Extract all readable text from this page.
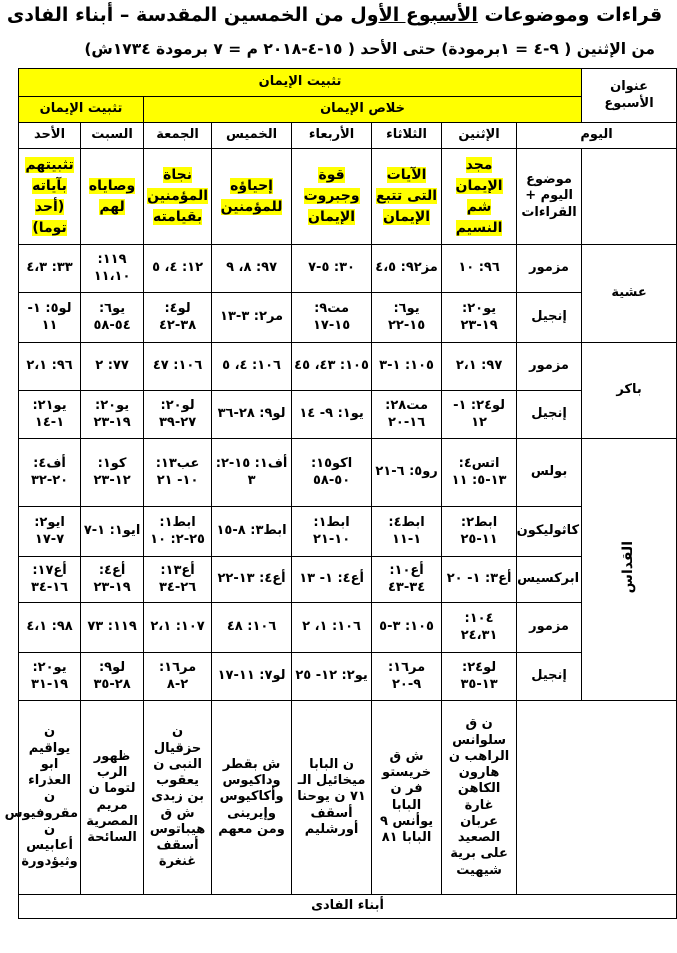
قراءات وموضوعات الأسبوع الأول من الخمسين المقدسة – أبناء الفادى
من الإثنين ( ٩-٤ = ١برمودة) حتى الأحد ( ١٥-٤-٢٠١٨ م = ٧ برمودة ١٧٣٤ش)
عنوان الأسبوع	تثبيت الإيمان							
	خلاص الإيمان						تثبيت الإيمان	

اليوم		الإثنين	الثلاثاء	الأربعاء	الخميس	الجمعة	السبت	الأحد
	موضوع اليوم + القراءات	مجد الإيمان شم النسيم	الآيات التى تتبع الإيمان	قوة وجبروت الإيمان	إحياؤه للمؤمنين	نجاة المؤمنين بقيامته	وصاياه لهم	تثبيتهم بآياته (أحد توما)
عشية	مزمور	٩٦: ١٠	مز٩٢: ٤،٥	٣٠: ٥-٧	٩٧: ٨، ٩	١٢: ٤، ٥	١١٩: ١١،١٠	٣٣: ٤،٣
	إنجيل	يو٢٠: ١٩-٢٣	يو٦: ١٥-٢٢	مت٩: ١٥-١٧	مر٢: ٣-١٣	لو٤: ٣٨-٤٢	يو٦: ٥٤-٥٨	لو٥: ١- ١١
باكر	مزمور	٩٧: ٢،١	١٠٥: ١-٣	١٠٥: ٤٣، ٤٥	١٠٦: ٤، ٥	١٠٦: ٤٧	٧٧: ٢	٩٦: ٢،١
	إنجيل	لو٢٤: ١- ١٢	مت٢٨: ١٦-٢٠	يو١: ٩- ١٤	لو٩: ٢٨-٣٦	لو٢٠: ٢٧-٣٩	يو٢٠: ١٩-٢٣	يو٢١: ١-١٤
القداس	بولس	اتس٤: ١٣-٥: ١١	رو٥: ٦-٢١	اكو١٥: ٥٠-٥٨	أف١: ١٥-٢: ٣	عب١٣: ١٠- ٢١	كو١: ١٢-٢٣	أف٤: ٢٠-٣٢
	كاثوليكون	ابط٢: ١١-٢٥	ابط٤: ١-١١	ابط١: ١٠-٢١	ابط٣: ٨-١٥	ابط١: ٢٥-٢: ١٠	ايو١: ١-٧	ايو٢: ٧-١٧
	ابركسيس	أع٣: ١- ٢٠	أع١٠: ٣٤-٤٣	أع٤: ١- ١٣	أع٤: ١٣-٢٢	أع١٣: ٢٦-٣٤	أع٤: ١٩-٢٣	أع١٧: ١٦-٣٤
	مزمور	١٠٤: ٢٤،٣١	١٠٥: ٣-٥	١٠٦: ١، ٢	١٠٦: ٤٨	١٠٧: ٢،١	١١٩: ٧٣	٩٨: ٤،١
	إنجيل	لو٢٤: ١٣-٣٥	مر١٦: ٩-٢٠	يو٢: ١٢- ٢٥	لو٧: ١١-١٧	مر١٦: ٢-٨	لو٩: ٢٨-٣٥	يو٢٠: ١٩-٣١
		ن ق سلوانس الراهب ن هارون الكاهن غارة عربان الصعيد على برية شيهيت	ش ق خريستو فر ن البابا يوأنس ٩ البابا ٨١	ن البابا ميخائيل الـ ٧١ ن يوحنا أسقف أورشليم	ش بقطر وداكيوس وأكاكيوس وإيرينى ومن معهم	ن حزقيال النبى ن يعقوب بن زبدى ش ق هيباتوس أسقف غنغرة	ظهور الرب لتوما ن مريم المصرية السائحة	ن يواقيم ابو العذراء ن مقروفيوس ن أعابيس وثيؤدورة
أبناء الفادى								
